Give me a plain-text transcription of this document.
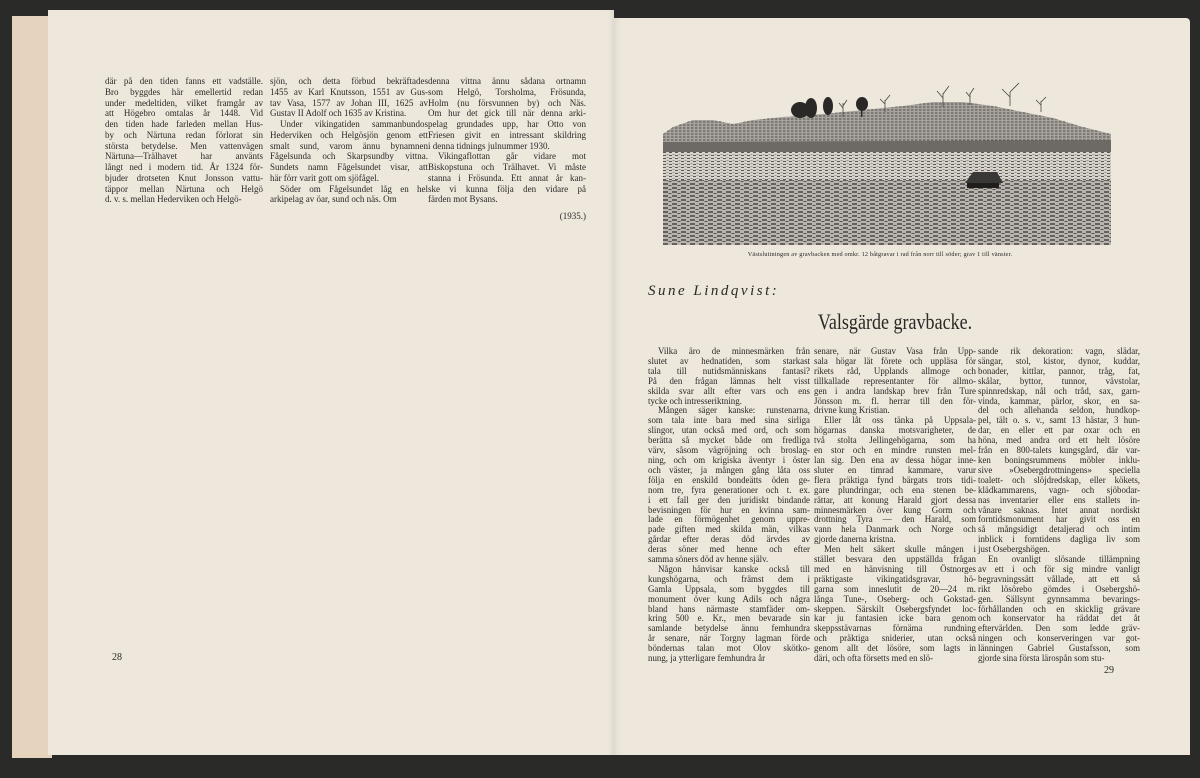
där på den tiden fanns ett vadställe.
Bro byggdes här emellertid redan
under medeltiden, vilket framgår av
att Högebro omtalas år 1448. Vid
den tiden hade farleden mellan Hus-
by och Närtuna redan förlorat sin
största betydelse. Men vattenvägen
Närtuna—Trälhavet har använts
långt ned i modern tid. År 1324 för-
bjuder drotseten Knut Jonsson vattu-
täppor mellan Närtuna och Helgö
d. v. s. mellan Hederviken och Helgö-
sjön, och detta förbud bekräftades
1455 av Karl Knutsson, 1551 av Gus-
tav Vasa, 1577 av Johan III, 1625 av
Gustav II Adolf och 1635 av Kristina.
Under vikingatiden sammanbundos
Hederviken och Helgösjön genom ett
smalt sund, varom ännu bynamnen
Fågelsunda och Skarpsundby vittna.
Sundets namn Fågelsundet visar, att
här förr varit gott om sjöfågel.
Söder om Fågelsundet låg en hel
arkipelag av öar, sund och näs. Om
denna vittna ännu sådana ortnamn
som Helgö, Torsholma, Frösunda,
Holm (nu försvunnen by) och Näs.
Om hur det gick till när denna arki-
pelag grundades upp, har Otto von
Friesen givit en intressant skildring
i denna tidnings julnummer 1930.
Vikingaflottan går vidare mot
Biskopstuna och Trälhavet. Vi måste
stanna i Frösunda. Ett annat år kan-
ske vi kunna följa den vidare på
färden mot Bysans.
(1935.)
28
Västsluttningen av gravbacken med omkr. 12 båtgravar i rad från norr till söder; grav 1 till vänster.
Sune Lindqvist:
Valsgärde gravbacke.
Vilka äro de minnesmärken från
slutet av hednatiden, som starkast
tala till nutidsmänniskans fantasi?
På den frågan lämnas helt visst
skilda svar allt efter vars och ens
tycke och intresseriktning.
Mången säger kanske: runstenarna,
som tala inte bara med sina sirliga
slingor, utan också med ord, och som
berätta så mycket både om fredliga
värv, såsom vägröjning och broslag-
ning, och om krigiska äventyr i öster
och väster, ja mången gång låta oss
följa en enskild bondeätts öden ge-
nom tre, fyra generationer och t. ex.
i ett fall ger den juridiskt bindande
bevisningen för hur en kvinna sam-
lade en förmögenhet genom uppre-
pade giften med skilda män, vilkas
gårdar efter deras död ärvdes av
deras söner med henne och efter
samma söners död av henne själv.
Någon hänvisar kanske också till
kungshögarna, och främst dem i
Gamla Uppsala, som byggdes till
monument över kung Adils och några
bland hans närmaste stamfäder om-
kring 500 e. Kr., men bevarade sin
samlande betydelse ännu femhundra
år senare, när Torgny lagman förde
böndernas talan mot Olov skötko-
nung, ja ytterligare femhundra år
senare, när Gustav Vasa från Upp-
sala högar lät förete och uppläsa för
rikets råd, Upplands allmoge och
tillkallade representanter för allmo-
gen i andra landskap brev från Ture
Jönsson m. fl. herrar till den för-
drivne kung Kristian.
Eller låt oss tänka på Uppsala-
högarnas danska motsvarigheter, de
två stolta Jellingehögarna, som ha
en stor och en mindre runsten mel-
lan sig. Den ena av dessa högar inne-
sluter en timrad kammare, varur
flera präktiga fynd bärgats trots tidi-
gare plundringar, och ena stenen be-
rättar, att konung Harald gjort dessa
minnesmärken över kung Gorm och
drottning Tyra — den Harald, som
vann hela Danmark och Norge och
gjorde danerna kristna.
Men helt säkert skulle mången i
stället besvara den uppställda frågan
med en hänvisning till Östnorges
präktigaste vikingatidsgravar, hö-
garna som inneslutit de 20—24 m.
långa Tune-, Oseberg- och Gokstad-
skeppen. Särskilt Osebergsfyndet loc-
kar ju fantasien icke bara genom
skeppsstävarnas förnäma rundning
och präktiga sniderier, utan också
genom allt det lösöre, som lagts in
däri, och ofta försetts med en slö-
sande rik dekoration: vagn, slädar,
sängar, stol, kistor, dynor, kuddar,
bonader, kittlar, pannor, tråg, fat,
skålar, byttor, tunnor, vävstolar,
spinnredskap, nål och tråd, sax, garn-
vinda, kammar, pärlor, skor, en sa-
del och allehanda seldon, hundkop-
pel, tält o. s. v., samt 13 hästar, 3 hun-
dar, en eller ett par oxar och en
höna, med andra ord ett helt lösöre
från en 800-talets kungsgård, där var-
ken boningsrummens möbler inklu-
sive »Osebergdrottningens» speciella
toalett- och slöjdredskap, eller kökets,
klädkammarens, vagn- och sjöbodar-
nas inventarier eller ens stallets in-
vånare saknas. Intet annat nordiskt
forntidsmonument har givit oss en
så mångsidigt detaljerad och intim
inblick i forntidens dagliga liv som
just Osebergshögen.
En ovanligt slösande tillämpning
av ett i och för sig mindre vanligt
begravningssätt vållade, att ett så
rikt lösörebo gömdes i Osebergshö-
gen. Sällsynt gynnsamma bevarings-
förhållanden och en skicklig grävare
och konservator ha räddat det åt
eftervärlden. Den som ledde gräv-
ningen och konserveringen var got-
länningen Gabriel Gustafsson, som
gjorde sina första lärospån som stu-
29
